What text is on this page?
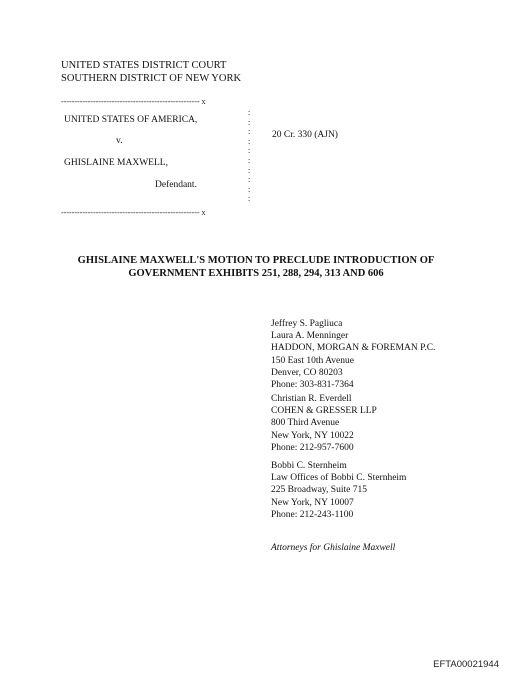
UNITED STATES DISTRICT COURT
SOUTHERN DISTRICT OF NEW YORK
---------------------------------------------------- x
:
:
:
:
:
:
:
:
:
:
UNITED STATES OF AMERICA,
v.
GHISLAINE MAXWELL,
Defendant.
---------------------------------------------------- x
20 Cr. 330 (AJN)
GHISLAINE MAXWELL'S MOTION TO PRECLUDE INTRODUCTION OF
GOVERNMENT EXHIBITS 251, 288, 294, 313 AND 606
Jeffrey S. Pagliuca
Laura A. Menninger
HADDON, MORGAN & FOREMAN P.C.
150 East 10th Avenue
Denver, CO 80203
Phone: 303-831-7364
Christian R. Everdell
COHEN & GRESSER LLP
800 Third Avenue
New York, NY 10022
Phone: 212-957-7600
Bobbi C. Sternheim
Law Offices of Bobbi C. Sternheim
225 Broadway, Suite 715
New York, NY 10007
Phone: 212-243-1100
Attorneys for Ghislaine Maxwell
EFTA00021944
